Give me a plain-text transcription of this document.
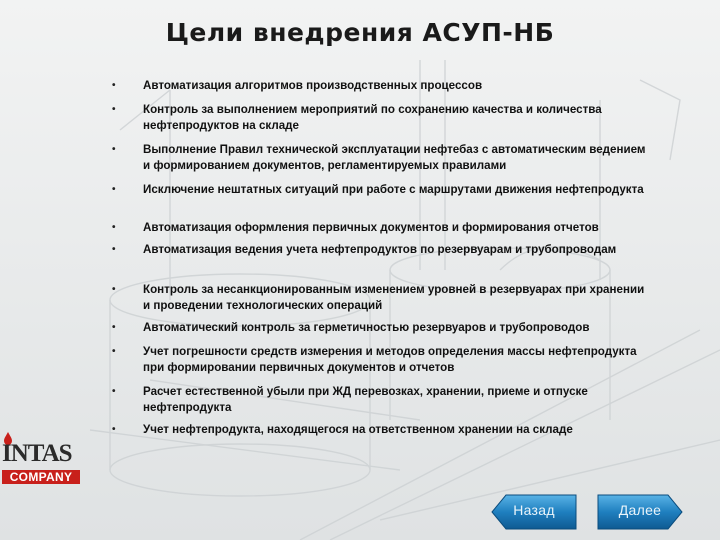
Цели внедрения АСУП-НБ
• Автоматизация алгоритмов производственных процессов
• Контроль за выполнением мероприятий по сохранению качества и количества нефтепродуктов на складе
• Выполнение Правил технической эксплуатации нефтебаз с автоматическим ведением и формированием документов, регламентируемых правилами
• Исключение нештатных ситуаций при работе с маршрутами движения нефтепродукта
• Автоматизация оформления первичных документов и формирования отчетов
• Автоматизация ведения учета нефтепродуктов по резервуарам и трубопроводам
• Контроль за несанкционированным изменением уровней в резервуарах при хранении и проведении технологических операций
• Автоматический контроль за герметичностью резервуаров и трубопроводов
• Учет погрешности средств измерения и методов определения массы нефтепродукта при формировании первичных документов и отчетов
• Расчет естественной убыли при ЖД перевозках, хранении, приеме и отпуске нефтепродукта
• Учет нефтепродукта, находящегося на ответственном хранении на складе
INTAS
COMPANY
Назад	Далее
